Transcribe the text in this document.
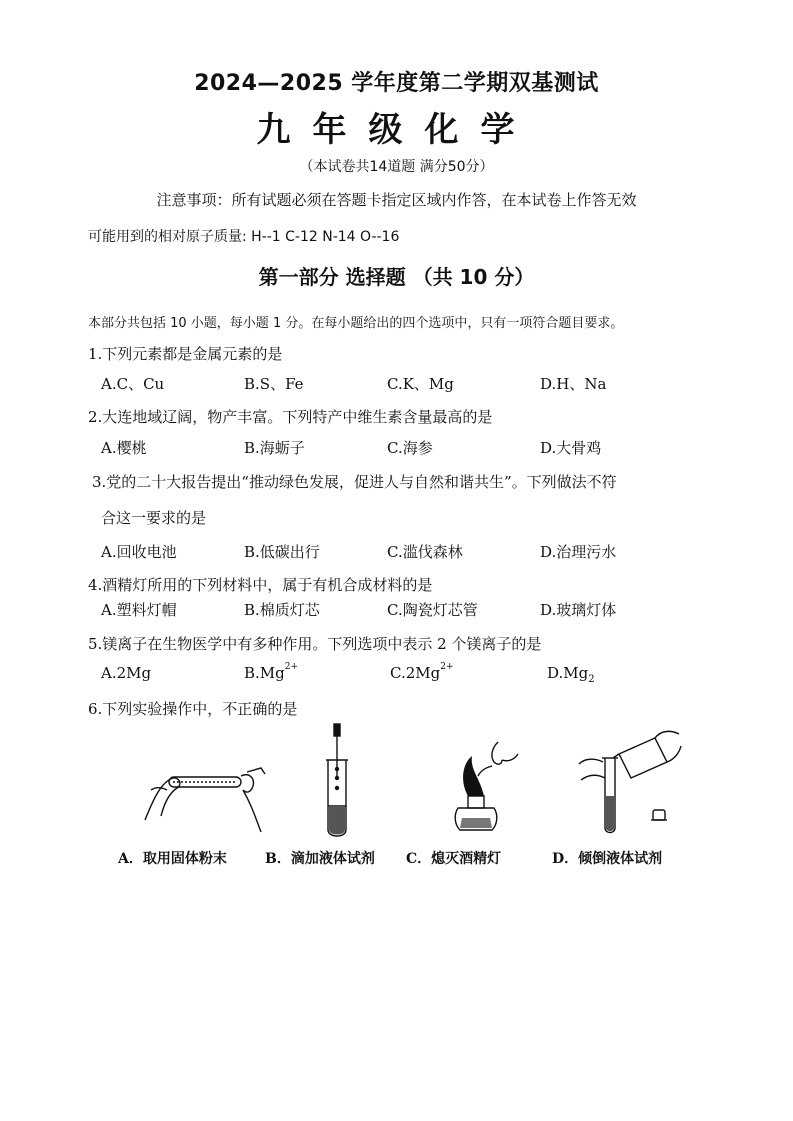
2024—2025 学年度第二学期双基测试
九年级化学
（本试卷共14道题 满分50分）
注意事项：所有试题必须在答题卡指定区域内作答，在本试卷上作答无效
可能用到的相对原子质量: H--1 C-12 N-14 O--16
第一部分 选择题 （共 10 分）
本部分共包括 10 小题，每小题 1 分。在每小题给出的四个选项中，只有一项符合题目要求。
1.下列元素都是金属元素的是
A.C、Cu	B.S、Fe	C.K、Mg	D.H、Na
2.大连地域辽阔，物产丰富。下列特产中维生素含量最高的是
A.樱桃	B.海蛎子	C.海参	D.大骨鸡
3.党的二十大报告提出“推动绿色发展，促进人与自然和谐共生”。下列做法不符
合这一要求的是
A.回收电池	B.低碳出行	C.滥伐森林	D.治理污水
4.酒精灯所用的下列材料中，属于有机合成材料的是
A.塑料灯帽	B.棉质灯芯	C.陶瓷灯芯管	D.玻璃灯体
5.镁离子在生物医学中有多种作用。下列选项中表示 2 个镁离子的是
A.2Mg	$B.Mg^{2+}$	$C.2Mg^{2+}$	$D.Mg_2$
6.下列实验操作中，不正确的是
A．取用固体粉末	B．滴加液体试剂 C．熄灭酒精灯	D．倾倒液体试剂
